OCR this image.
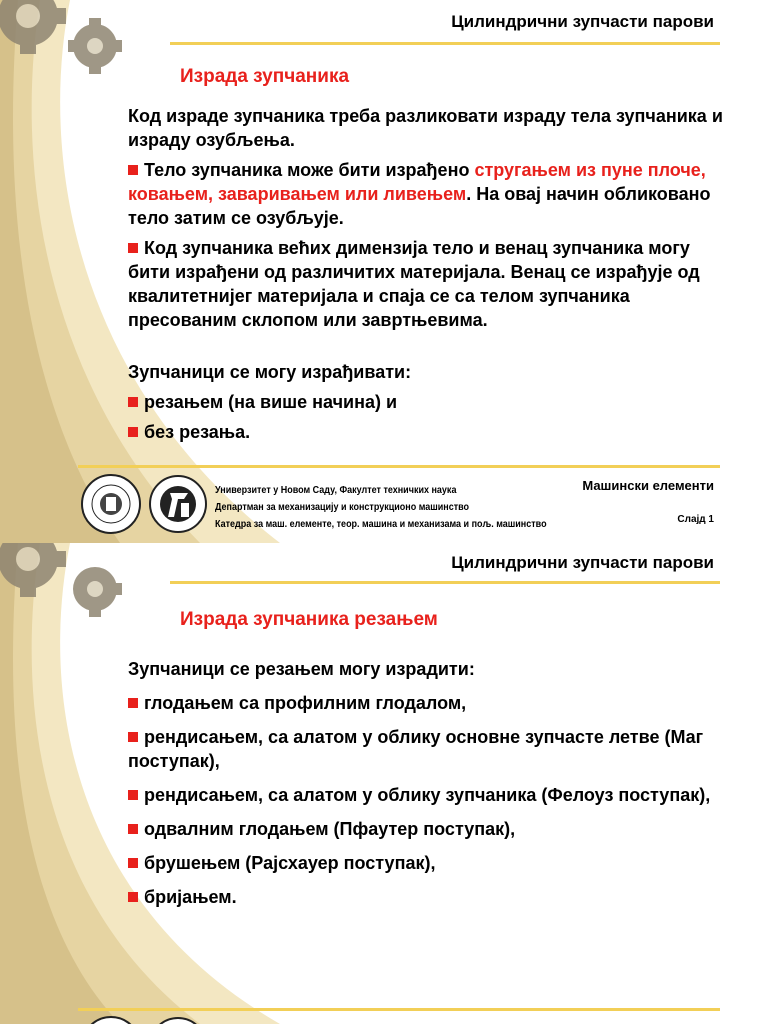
Цилиндрични зупчасти парови
Израда зупчаника

Код израде зупчаника треба разликовати израду тела зупчаника и израду озубљења.

Тело зупчаника може бити израђено стругањем из пуне плоче, ковањем, заваривањем или ливењем. На овај начин обликовано тело затим се озубљује.

Код зупчаника већих димензија тело и венац зупчаника могу бити израђени од различитих материјала. Венац се израђује од квалитетнијег материјала и спаја се са телом зупчаника пресованим склопом или завртњевима.

Зупчаници се могу израђивати:

резањем (на више начина) и

без резања.

Универзитет у Новом Саду, Факултет техничких наука
Департман за механизацију и конструкционо машинство
Катедра за маш. елементе, теор. машина и механизама и пољ. машинство
Машински елементи
Слајд 1
Цилиндрични зупчасти парови
Израда зупчаника резањем

Зупчаници се резањем могу израдити:

глодањем са профилним глодалом,

рендисањем, са алатом у облику основне зупчасте летве (Маг поступак),

рендисањем, са алатом у облику зупчаника (Фелоуз поступак),

одвалним глодањем (Пфаутер поступак),

брушењем (Рајсхауер поступак),

бријањем.
